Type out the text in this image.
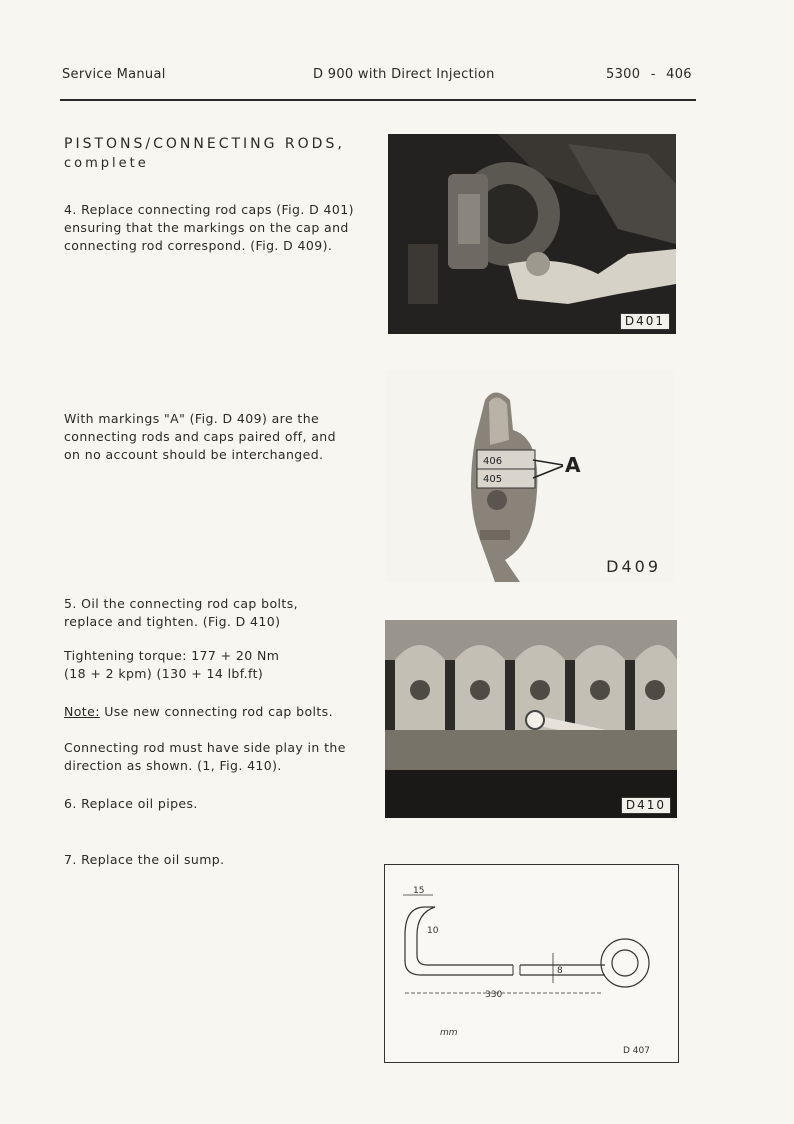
Service Manual	D 900 with Direct Injection	5300 - 406
PISTONS/CONNECTING RODS,
complete
4. Replace connecting rod caps (Fig. D 401)
ensuring that the markings on the cap and
connecting rod correspond. (Fig. D 409).
With markings "A" (Fig. D 409) are the
connecting rods and caps paired off, and
on no account should be interchanged.
5. Oil the connecting rod cap bolts,
replace and tighten. (Fig. D 410)
Tightening torque: 177 + 20 Nm
(18 + 2 kpm) (130 + 14 lbf.ft)
Note: Use new connecting rod cap bolts.
Connecting rod must have side play in the
direction as shown. (1, Fig. 410).
6. Replace oil pipes.
7. Replace the oil sump.
D401
406
405
A
D409
D410
15
10
8
330
mm
D 407
